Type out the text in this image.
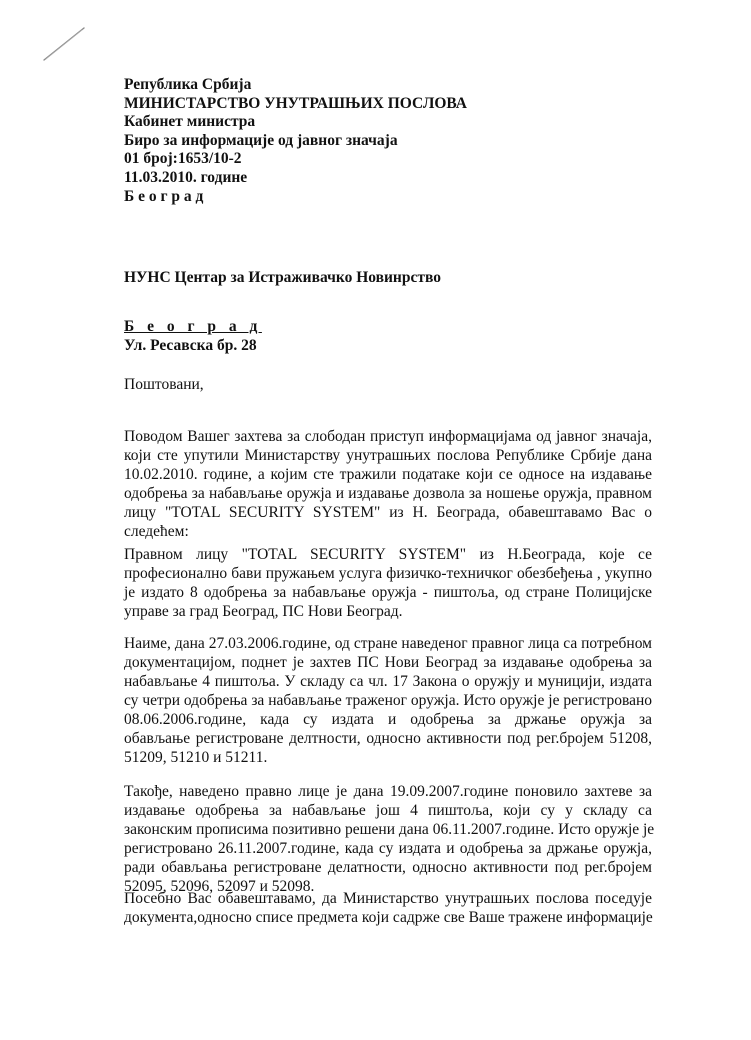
Република Србија
МИНИСТАРСТВО УНУТРАШЊИХ ПОСЛОВА
Кабинет министра
Биро за информације од јавног значаја
01 број:1653/10-2
11.03.2010. године
Б е о г р а д
НУНС Центар за Истраживачко Новинрство
Б е о г р а д
Ул. Ресавска бр. 28
Поштовани,
Поводом Вашег захтева за слободан приступ информацијама од јавног значаја,
који сте упутили Министарству унутрашњих послова Републике Србије дана
10.02.2010. године, а којим сте тражили податаке који се односе на издавање
одобрења за набављање оружја и издавање дозвола за ношење оружја, правном
лицу "TOTAL SECURITY SYSTEM" из Н. Београда, обавештавамо Вас о
следећем:
Правном лицу "TOTAL SECURITY SYSTEM" из Н.Београда, које се
професионално бави пружањем услуга физичко-техничког обезбеђења , укупно
је издато 8 одобрења за набављање оружја - пиштоља, од стране Полицијске
управе за град Београд, ПС Нови Београд.
Наиме, дана 27.03.2006.године, од стране наведеног правног лица са потребном
документацијом, поднет је захтев ПС Нови Београд за издавање одобрења за
набављање 4 пиштоља. У складу са чл. 17 Закона о оружју и муницији, издата
су четри одобрења за набављање траженог оружја. Исто оружје је регистровано
08.06.2006.године, када су издата и одобрења за држање оружја за
обављање регистроване делтности, односно активности под рег.бројем 51208,
51209, 51210 и 51211.
Такође, наведено правно лице је дана 19.09.2007.године поновило захтеве за
издавање одобрења за набављање још 4 пиштоља, који су у складу са
законским прописима позитивно решени дана 06.11.2007.године. Исто оружје је
регистровано 26.11.2007.године, када су издата и одобрења за држање оружја,
ради обављања регистроване делатности, односно активности под рег.бројем
52095, 52096, 52097 и 52098.
Посебно Вас обавештавамо, да Министарство унутрашњих послова поседује
документа,односно списе предмета који садрже све Ваше тражене информације
